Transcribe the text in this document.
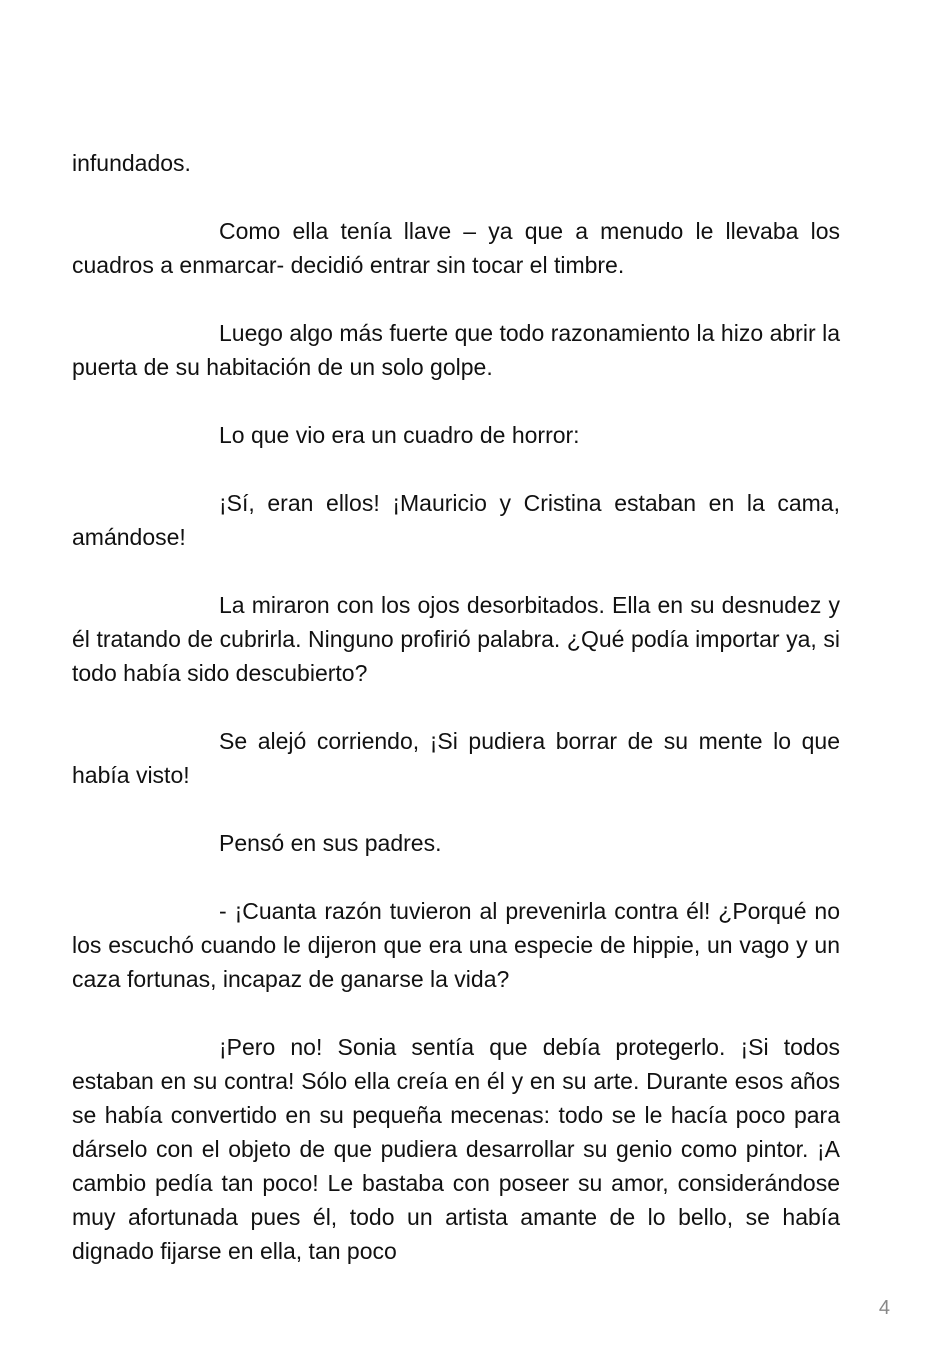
infundados.

Como ella tenía llave – ya que a menudo le llevaba los cuadros a enmarcar- decidió entrar sin tocar el timbre.

Luego algo más fuerte que todo razonamiento la hizo abrir la puerta de su habitación de un solo golpe.

Lo que vio era un cuadro de horror:

¡Sí, eran ellos! ¡Mauricio y Cristina estaban en la cama, amándose!

La miraron con los ojos desorbitados. Ella en su desnudez y él tratando de cubrirla. Ninguno profirió palabra. ¿Qué podía importar ya, si todo había sido descubierto?

Se alejó corriendo, ¡Si pudiera borrar de su mente lo que había visto!

Pensó en sus padres.

- ¡Cuanta razón tuvieron al prevenirla contra él! ¿Porqué no los escuchó cuando le dijeron que era una especie de hippie, un vago y un caza fortunas, incapaz de ganarse la vida?

¡Pero no! Sonia sentía que debía protegerlo. ¡Si todos estaban en su contra! Sólo ella creía en él y en su arte. Durante esos años se había convertido en su pequeña mecenas: todo se le hacía poco para dárselo con el objeto de que pudiera desarrollar su genio como pintor. ¡A cambio pedía tan poco! Le bastaba con poseer su amor, considerándose muy afortunada pues él, todo un artista amante de lo bello, se había dignado fijarse en ella, tan poco

4
